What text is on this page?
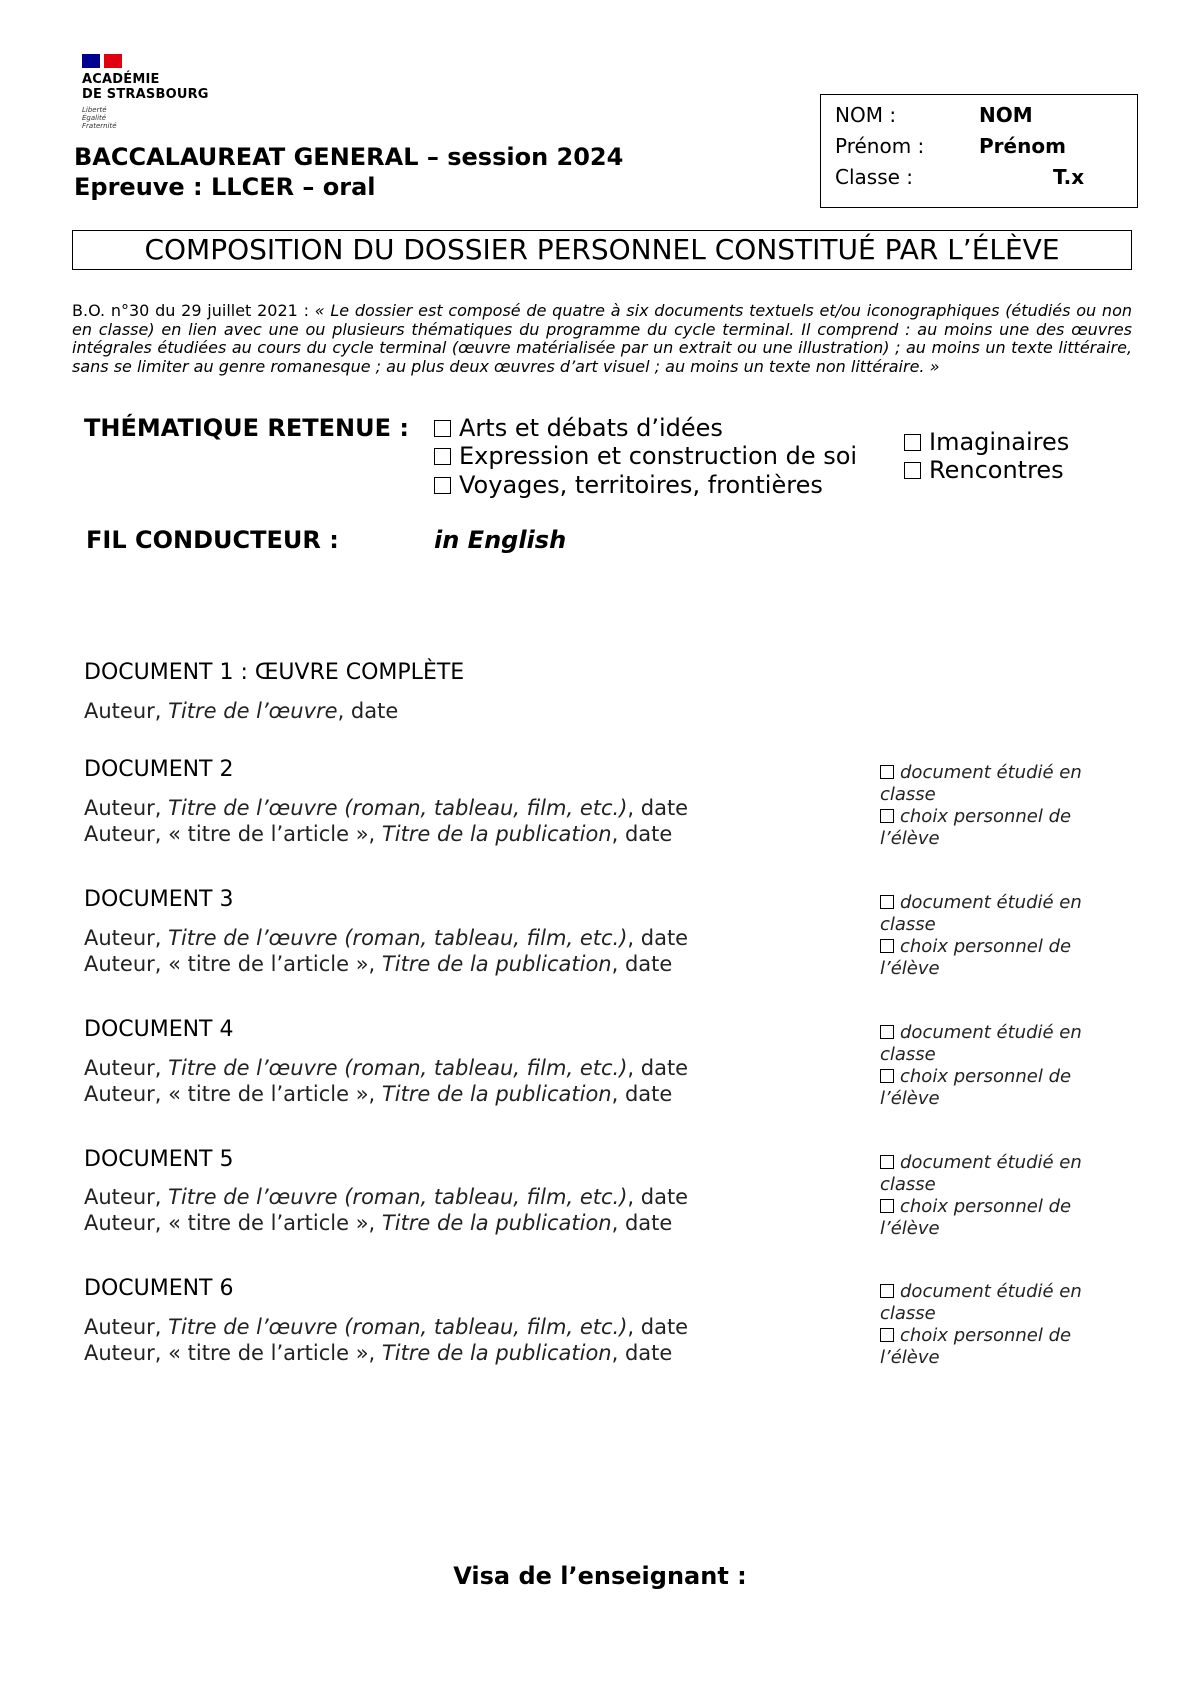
ACADÉMIE
DE STRASBOURG
Liberté
Égalité
Fraternité
BACCALAUREAT GENERAL – session 2024
Epreuve : LLCER – oral
NOM :	NOM
Prénom :	Prénom
Classe :	T.x
COMPOSITION DU DOSSIER PERSONNEL CONSTITUÉ PAR L’ÉLÈVE
B.O. n°30 du 29 juillet 2021 : « Le dossier est composé de quatre à six documents textuels et/ou iconographiques (étudiés ou non en classe) en lien avec une ou plusieurs thématiques du programme du cycle terminal. Il comprend : au moins une des œuvres intégrales étudiées au cours du cycle terminal (œuvre matérialisée par un extrait ou une illustration) ; au moins un texte littéraire, sans se limiter au genre romanesque ; au plus deux œuvres d’art visuel ; au moins un texte non littéraire. »
THÉMATIQUE RETENUE :	Arts et débats d’idées
Expression et construction de soi
Voyages, territoires, frontières
Imaginaires
Rencontres
FIL CONDUCTEUR :	in English
DOCUMENT 1 : ŒUVRE COMPLÈTE
Auteur, Titre de l’œuvre, date
DOCUMENT 2
Auteur, Titre de l’œuvre (roman, tableau, film, etc.), date
Auteur, « titre de l’article », Titre de la publication, date
document étudié en classe
choix personnel de l’élève
DOCUMENT 3
Auteur, Titre de l’œuvre (roman, tableau, film, etc.), date
Auteur, « titre de l’article », Titre de la publication, date
document étudié en classe
choix personnel de l’élève
DOCUMENT 4
Auteur, Titre de l’œuvre (roman, tableau, film, etc.), date
Auteur, « titre de l’article », Titre de la publication, date
document étudié en classe
choix personnel de l’élève
DOCUMENT 5
Auteur, Titre de l’œuvre (roman, tableau, film, etc.), date
Auteur, « titre de l’article », Titre de la publication, date
document étudié en classe
choix personnel de l’élève
DOCUMENT 6
Auteur, Titre de l’œuvre (roman, tableau, film, etc.), date
Auteur, « titre de l’article », Titre de la publication, date
document étudié en classe
choix personnel de l’élève
Visa de l’enseignant :
